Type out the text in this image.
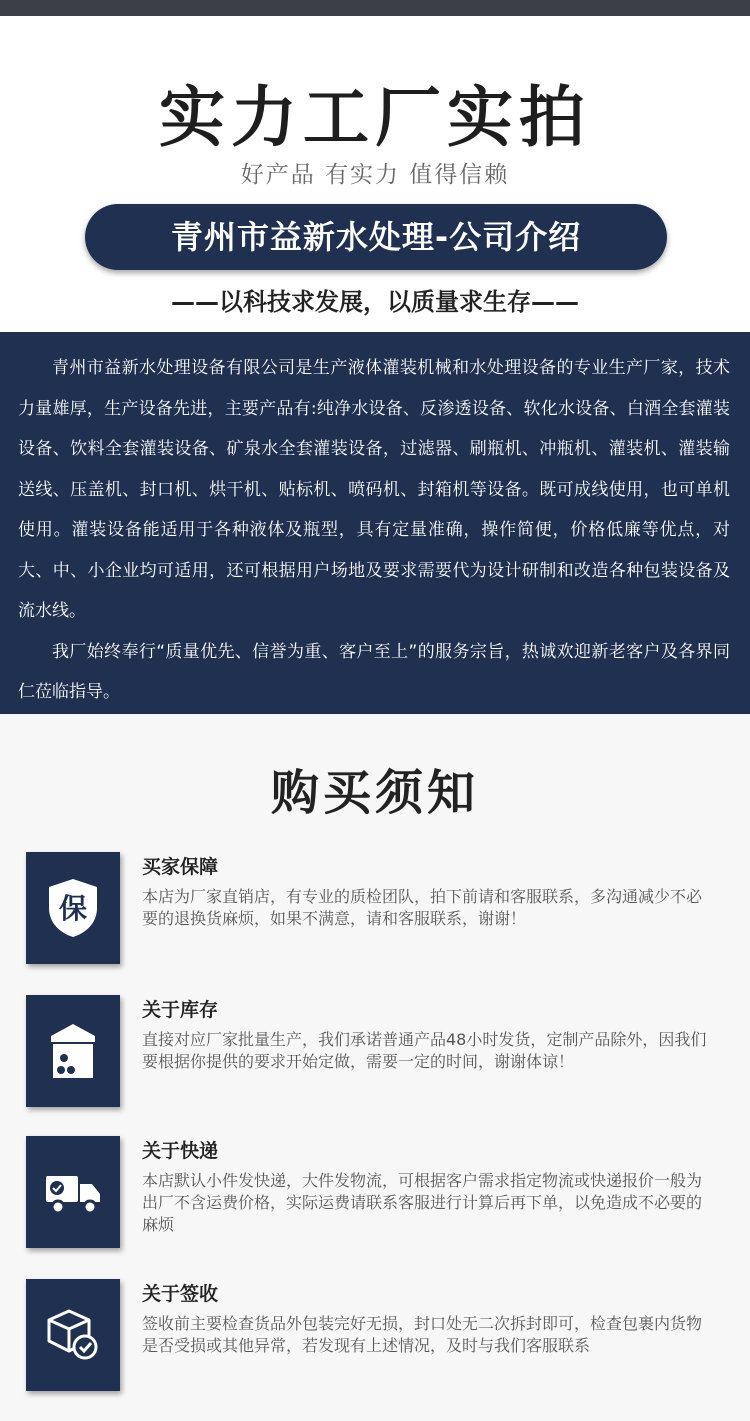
实力工厂实拍
好产品 有实力 值得信赖
青州市益新水处理-公司介绍
——以科技求发展，以质量求生存——

青州市益新水处理设备有限公司是生产液体灌装机械和水处理设备的专业生产厂家，技术力量雄厚，生产设备先进，主要产品有:纯净水设备、反渗透设备、软化水设备、白酒全套灌装设备、饮料全套灌装设备、矿泉水全套灌装设备，过滤器、刷瓶机、冲瓶机、灌装机、灌装输送线、压盖机、封口机、烘干机、贴标机、喷码机、封箱机等设备。既可成线使用，也可单机使用。灌装设备能适用于各种液体及瓶型，具有定量准确，操作简便，价格低廉等优点，对大、中、小企业均可适用，还可根据用户场地及要求需要代为设计研制和改造各种包装设备及流水线。

我厂始终奉行“质量优先、信誉为重、客户至上”的服务宗旨，热诚欢迎新老客户及各界同仁莅临指导。

购买须知
保
买家保障
本店为厂家直销店，有专业的质检团队，拍下前请和客服联系，多沟通减少不必要的退换货麻烦，如果不满意，请和客服联系，谢谢！
关于库存
直接对应厂家批量生产，我们承诺普通产品48小时发货，定制产品除外，因我们要根据你提供的要求开始定做，需要一定的时间，谢谢体谅！
关于快递
本店默认小件发快递，大件发物流，可根据客户需求指定物流或快递报价一般为出厂不含运费价格，实际运费请联系客服进行计算后再下单，以免造成不必要的麻烦
关于签收
签收前主要检查货品外包装完好无损，封口处无二次拆封即可，检查包裹内货物是否受损或其他异常，若发现有上述情况，及时与我们客服联系
